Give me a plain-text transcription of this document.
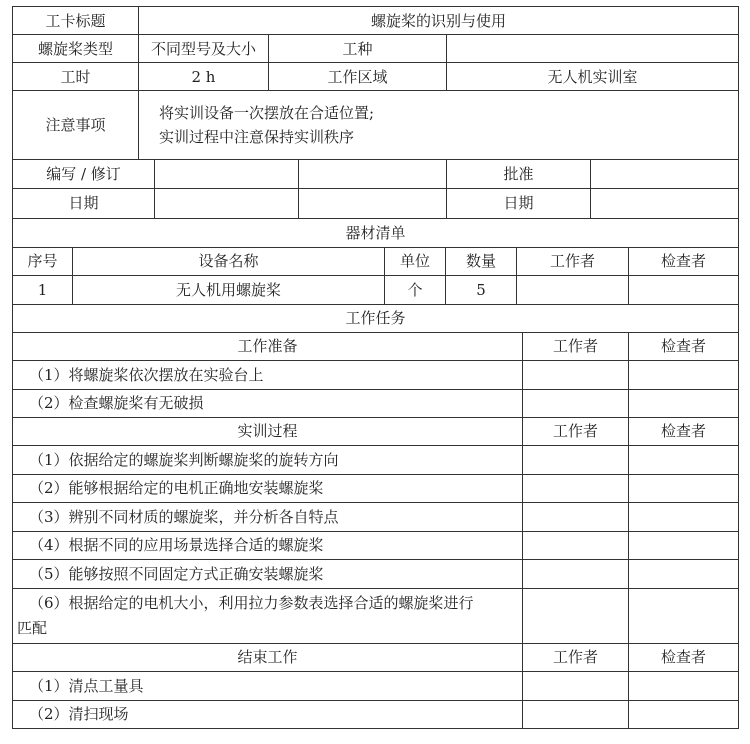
工卡标题	螺旋桨的识别与使用					
螺旋桨类型	不同型号及大小		工种			
工时	2 h		工作区域		无人机实训室	
注意事项	将实训设备一次摆放在合适位置;
实训过程中注意保持实训秩序					

编写 / 修订					批准	
日期					日期	
器材清单						
序号	设备名称	单位	数量	工作者		检查者
1	无人机用螺旋桨	个	5			
工作任务						
工作准备					工作者	检查者
（1）将螺旋桨依次摆放在实验台上						
（2）检查螺旋桨有无破损						
实训过程					工作者	检查者
（1）依据给定的螺旋桨判断螺旋桨的旋转方向						
（2）能够根据给定的电机正确地安装螺旋桨						
（3）辨别不同材质的螺旋桨，并分析各自特点						
（4）根据不同的应用场景选择合适的螺旋桨						
（5）能够按照不同固定方式正确安装螺旋桨						

（6）根据给定的电机大小，利用拉力参数表选择合适的螺旋桨进行
匹配						

结束工作					工作者	检查者
（1）清点工量具						
（2）清扫现场						
